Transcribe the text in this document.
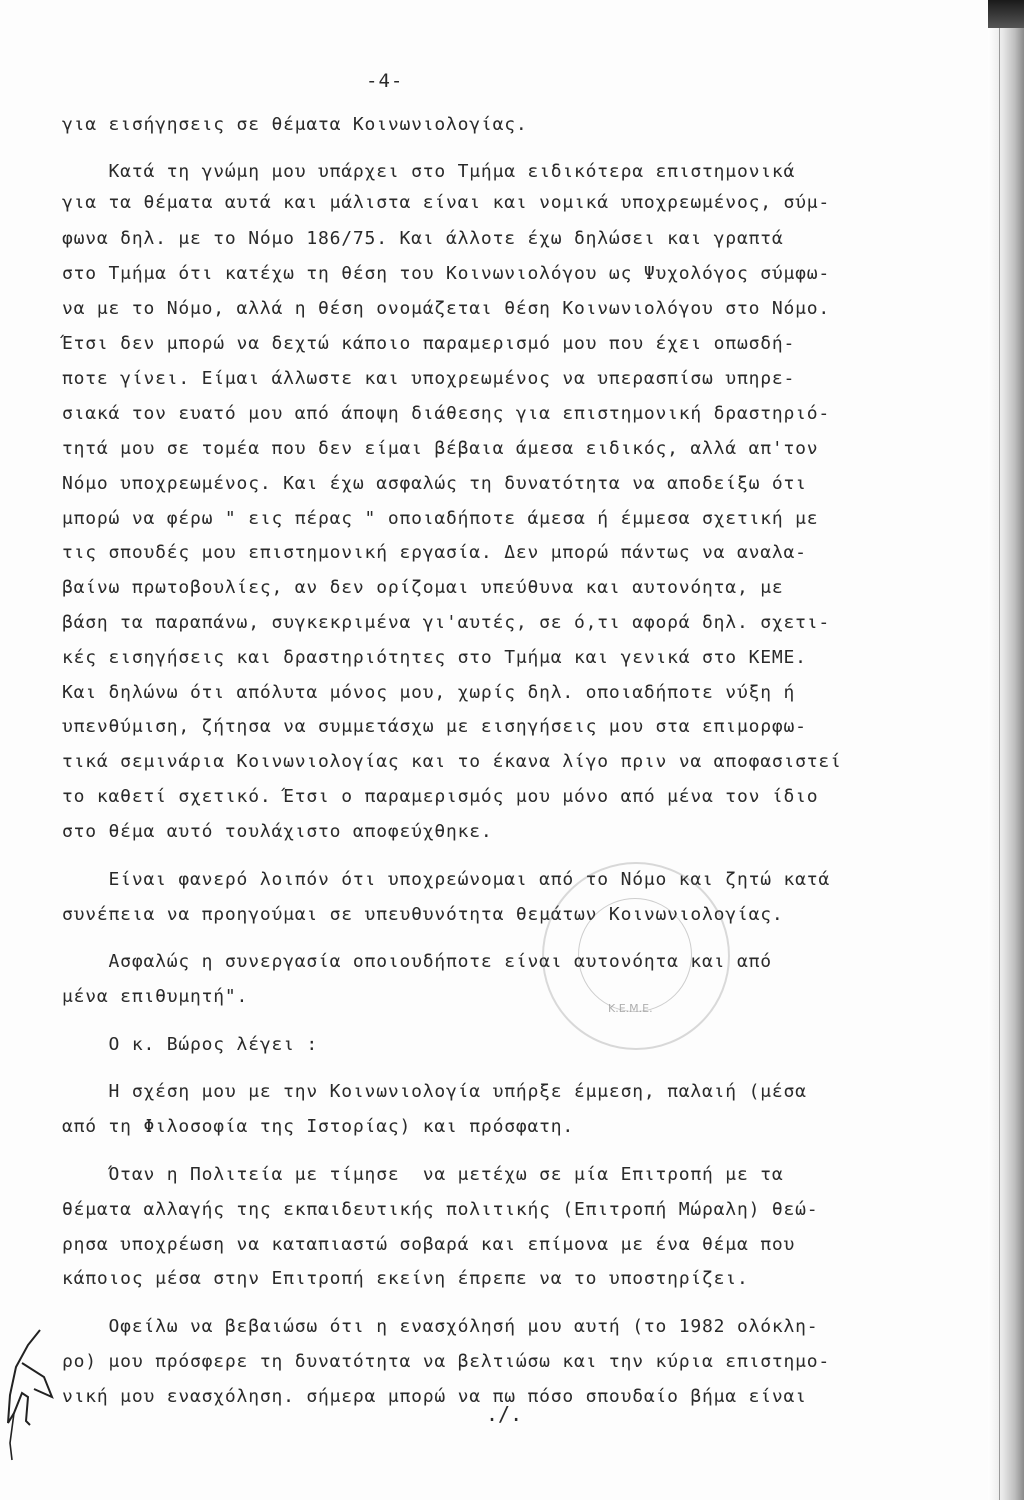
-4-
για εισήγησεις σε θέματα Κοινωνιολογίας.
Κατά τη γνώμη μου υπάρχει στο Τμήμα ειδικότερα επιστημονικά
για τα θέματα αυτά και μάλιστα είναι και νομικά υποχρεωμένος, σύμ-
φωνα δηλ. με το Νόμο 186/75. Και άλλοτε έχω δηλώσει και γραπτά
στο Τμήμα ότι κατέχω τη θέση του Κοινωνιολόγου ως Ψυχολόγος σύμφω-
να με το Νόμο, αλλά η θέση ονομάζεται θέση Κοινωνιολόγου στο Νόμο.
Έτσι δεν μπορώ να δεχτώ κάποιο παραμερισμό μου που έχει οπωσδή-
ποτε γίνει. Είμαι άλλωστε και υποχρεωμένος να υπερασπίσω υπηρε-
σιακά τον ευατό μου από άποψη διάθεσης για επιστημονική δραστηριό-
τητά μου σε τομέα που δεν είμαι βέβαια άμεσα ειδικός, αλλά απ'τον
Νόμο υποχρεωμένος. Και έχω ασφαλώς τη δυνατότητα να αποδείξω ότι
μπορώ να φέρω " εις πέρας " οποιαδήποτε άμεσα ή έμμεσα σχετική με
τις σπουδές μου επιστημονική εργασία. Δεν μπορώ πάντως να αναλα-
βαίνω πρωτοβουλίες, αν δεν ορίζομαι υπεύθυνα και αυτονόητα, με
βάση τα παραπάνω, συγκεκριμένα γι'αυτές, σε ό,τι αφορά δηλ. σχετι-
κές εισηγήσεις και δραστηριότητες στο Τμήμα και γενικά στο ΚΕΜΕ.
Και δηλώνω ότι απόλυτα μόνος μου, χωρίς δηλ. οποιαδήποτε νύξη ή
υπενθύμιση, ζήτησα να συμμετάσχω με εισηγήσεις μου στα επιμορφω-
τικά σεμινάρια Κοινωνιολογίας και το έκανα λίγο πριν να αποφασιστεί
το καθετί σχετικό. Έτσι ο παραμερισμός μου μόνο από μένα τον ίδιο
στο θέμα αυτό τουλάχιστο αποφεύχθηκε.
Είναι φανερό λοιπόν ότι υποχρεώνομαι από το Νόμο και ζητώ κατά
συνέπεια να προηγούμαι σε υπευθυνότητα θεμάτων Κοινωνιολογίας.
Ασφαλώς η συνεργασία οποιουδήποτε είναι αυτονόητα και από
μένα επιθυμητή".
Ο κ. Βώρος λέγει :
Η σχέση μου με την Κοινωνιολογία υπήρξε έμμεση, παλαιή (μέσα
από τη Φιλοσοφία της Ιστορίας) και πρόσφατη.
Όταν η Πολιτεία με τίμησε  να μετέχω σε μία Επιτροπή με τα
θέματα αλλαγής της εκπαιδευτικής πολιτικής (Επιτροπή Μώραλη) θεώ-
ρησα υποχρέωση να καταπιαστώ σοβαρά και επίμονα με ένα θέμα που
κάποιος μέσα στην Επιτροπή εκείνη έπρεπε να το υποστηρίζει.
Οφείλω να βεβαιώσω ότι η ενασχόλησή μου αυτή (το 1982 ολόκλη-
ρο) μου πρόσφερε τη δυνατότητα να βελτιώσω και την κύρια επιστημο-
νική μου ενασχόληση. σήμερα μπορώ να πω πόσο σπουδαίο βήμα είναι
Κ.Ε.Μ.Ε.
./.
